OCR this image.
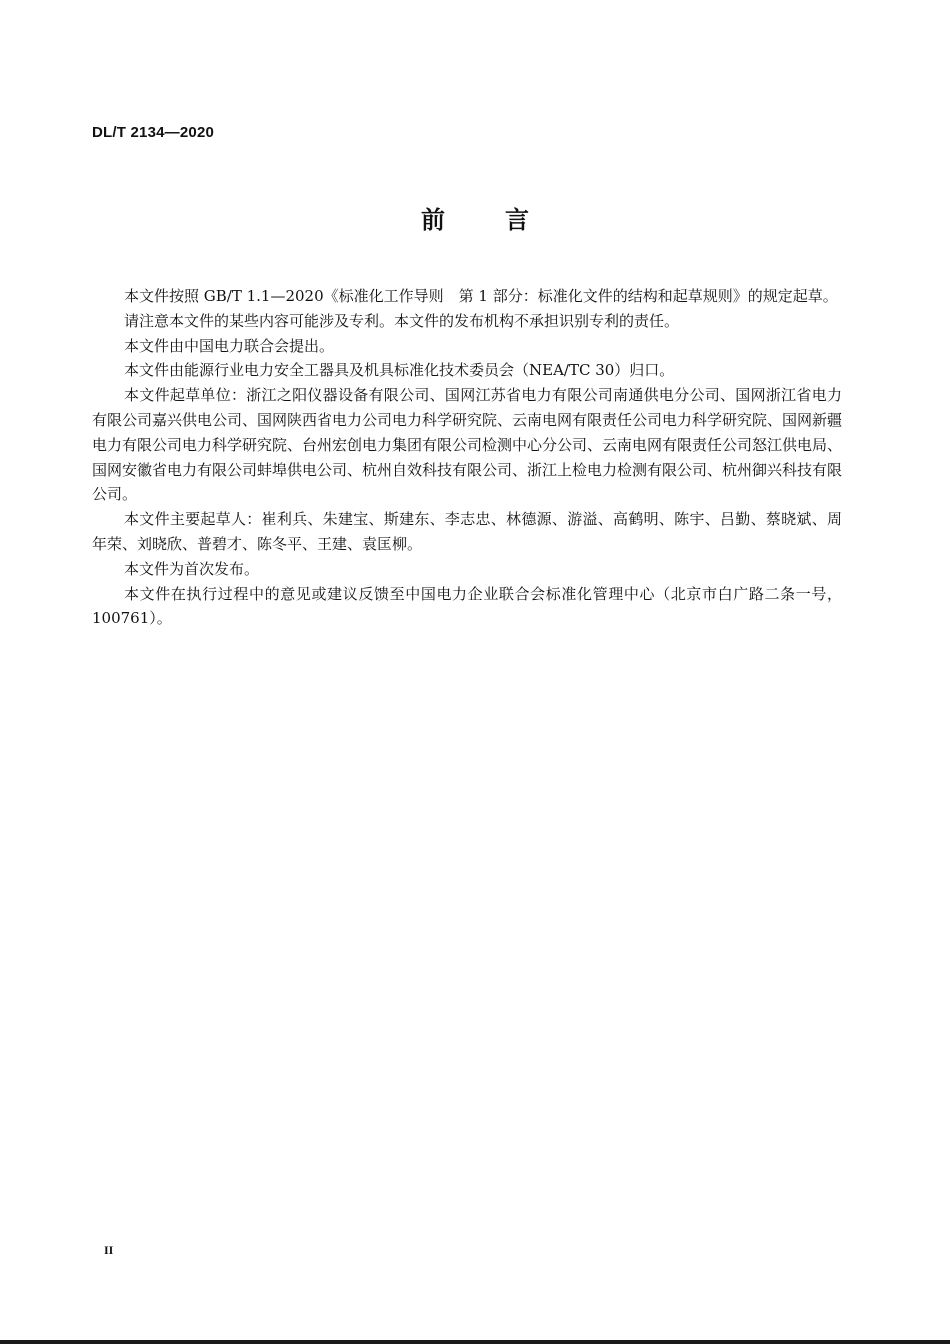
DL/T 2134—2020
前言

本文件按照 GB/T 1.1—2020《标准化工作导则　第 1 部分：标准化文件的结构和起草规则》的规定起草。

请注意本文件的某些内容可能涉及专利。本文件的发布机构不承担识别专利的责任。

本文件由中国电力联合会提出。

本文件由能源行业电力安全工器具及机具标准化技术委员会（NEA/TC 30）归口。

本文件起草单位：浙江之阳仪器设备有限公司、国网江苏省电力有限公司南通供电分公司、国网浙江省电力有限公司嘉兴供电公司、国网陕西省电力公司电力科学研究院、云南电网有限责任公司电力科学研究院、国网新疆电力有限公司电力科学研究院、台州宏创电力集团有限公司检测中心分公司、云南电网有限责任公司怒江供电局、国网安徽省电力有限公司蚌埠供电公司、杭州自效科技有限公司、浙江上检电力检测有限公司、杭州御兴科技有限公司。

本文件主要起草人：崔利兵、朱建宝、斯建东、李志忠、林德源、游溢、高鹤明、陈宇、吕勤、蔡晓斌、周年荣、刘晓欣、普碧才、陈冬平、王建、袁匡柳。

本文件为首次发布。

本文件在执行过程中的意见或建议反馈至中国电力企业联合会标准化管理中心（北京市白广路二条一号，100761）。

II
